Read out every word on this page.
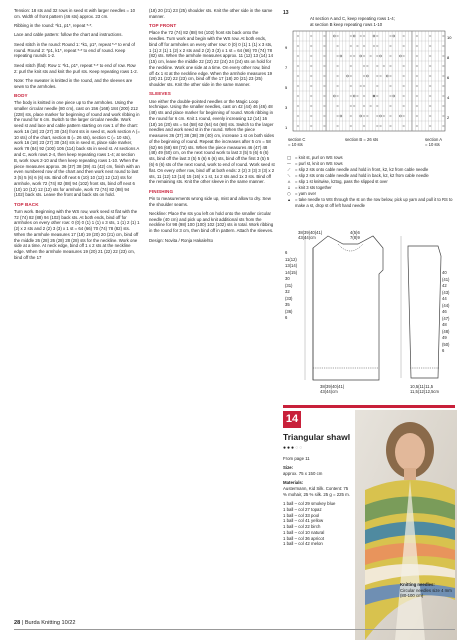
Tension: 18 sts and 32 rows in seed st with larger needles = 10 cm. Width of front pattern (46 sts) approx. 23 cm.

Ribbing in the round: *k1, p1*, repeat *-*.

Lace and cable pattern: follow the chart and instructions.

Seed stitch in the round: Round 1: *k1, p1*, repeat *-* to end of round. Round 2: *p1, k1*, repeat *-* to end of round. Keep repeating rounds 1-2.

Seed stitch (flat): Row 1: *k1, p1*, repeat *-* to end of row. Row 2: purl the knit sts and knit the purl sts. Keep repeating rows 1-2.

Note: The sweater is knitted in the round, and the sleeves are sewn to the armholes.

BODY

The body is knitted in one piece up to the armholes. Using the smaller circular needle (80 cm), cast on 156 (168) 184 (200) 212 (228) sts, place marker for beginning of round and work ribbing in the round for 6 cm. Switch to the larger circular needle. Work seed st and lace and cable pattern starting on row 1 of the chart: work 16 (18) 23 (27) 30 (34) front sts in seed st, work section A (= 10 sts) of the chart, section B (= 26 sts), section C (= 10 sts), work 16 (18) 23 (27) 30 (34) sts in seed st, place side marker, work 78 (84) 92 (100) 106 (114) back sts in seed st. At sections A and C, work rows 2-4, then keep repeating rows 1-4; at section B, work rows 2-10 and then keep repeating rows 1-10. When the piece measures approx. 36 (37) 38 (39) 41 (42) cm, finish with an even numbered row of the chart and then work next round to last 3 (5) 5 (6) 6 (6) sts. Bind off next 6 (10) 10 (12) 12 (12) sts for armhole, work 72 (74) 82 (88) 94 (102) front sts, bind off next 6 (10) 10 (12) 12 (12) sts for armhole, work 72 (74) 82 (88) 94 (102) back sts. Leave the front and back sts on hold.

TOP BACK

Turn work. Beginning with the WS row, work seed st flat with the 72 (74) 82 (88) 94 (102) back sts. At both ends, bind off for armholes on every other row: 0 (0) 0 (1) 1 (1) x 3 sts, 1 (1) 2 (1) 1 (2) x 2 sts and 2 (2) 3 (3) x 1 st = 64 (66) 70 (74) 78 (82) sts. When the armhole measures 17 (18) 19 (20) 20 (21) cm, bind off the middle 26 (28) 26 (28) 28 (28) sts for the neckline. Work one side at a time. At neck edge, bind off 1 x 2 sts at the neckline edge. When the armhole measures 19 (20) 21 (22) 22 (23) cm, bind off the 17

(18) 20 (21) 23 (25) shoulder sts. Knit the other side in the same manner.

TOP FRONT

Place the 72 (74) 82 (88) 94 (102) front sts back onto the needles. Turn work and begin with the WS row. At both ends, bind off for armholes on every other row: 0 (0) 0 (1) 1 (1) x 3 sts, 1 (1) 2 (1) 1 (2) x 2 sts and 2 (2) 3 (3) x 1 st = 64 (66) 70 (74) 78 (82) sts. When the armhole measures approx. 11 (12) 13 (14) 14 (15) cm, leave the middle 22 (22) 22 (24) 24 (24) sts on hold for the neckline. Work one side at a time. On every other row, bind off 4x 1 st at the neckline edge. When the armhole measures 19 (20) 21 (22) 22 (23) cm, bind off the 17 (18) 20 (21) 23 (25) shoulder sts. Knit the other side in the same manner.

SLEEVES

Use either the double-pointed needles or the Magic Loop technique. Using the smaller needles, cast on 42 (44) 46 (46) 48 (48) sts and place marker for beginning of round. Work ribbing in the round for 6 cm. Knit 1 round, evenly increasing 12 (14) 16 (18) 16 (20) sts = 54 (58) 62 (64) 64 (68) sts. Switch to the larger needles and work seed st in the round. When the piece measures 36 (37) 38 (38) 39 (40) cm, increase 1 st on both sides of the beginning of round. Repeat the increases after 5 cm = 58 (62) 66 (68) 68 (72) sts. When the piece measures 46 (47) 48 (48) 49 (50) cm, on the next round work to last 3 (5) 5 (6) 6 (6) sts, bind off the last 3 (5) 5 (6) 6 (6) sts, bind off the first 3 (5) 5 (6) 6 (6) sts of the next round, work to end of round. Work seed st flat. On every other row, bind off at both ends: 2 (2) 3 (3) 3 (3) x 2 sts, 11 (12) 13 (14) 15 (16) x 1 st, 1x 2 sts and 1x 3 sts. Bind off the remaining sts. Knit the other sleeve in the same manner.

FINISHING

Pin to measurements wrong side up, mist and allow to dry. Sew the shoulder seams.

Neckline: Place the sts you left on hold onto the smaller circular needle (40 cm) and pick up and knit additional sts from the neckline for 98 (98) 100 (100) 102 (102) sts in total. Work ribbing in the round for 3 cm, then bind off in pattern. Attach the sleeves.

Design: Novita / Ronja Hakalehto

13
At section A and C, keep repeating rows 1-4;
at section B keep repeating rows 1-10
9
7
5
3
1
10
8
6
4
2
section C
= 10 sts
section B = 26 sts	section A
= 10 sts
□ = knit st, purl on WS rows
— = purl st, knit on WS rows
⟋	= slip 2 sts onto cable needle and hold in front, k2, k2 from cable needle
⟍	= slip 2 sts onto cable needle and hold in back, k2, k2 from cable needle
⋏	= slip 1 st knitwise, k2tog, pass the slipped st over
↓	= knit 3 sts together
○ = yarn over
▴	= take needle to WS through the st on the row below, pick up yarn and pull it to RS to make a st, drop st off left hand needle
38(39)40(41)
43(44)cm
4(5)6
7(8)9
6
11(12)
13(14)
14(15)
30
(31)
32
(33)
35
(36)
6
38(39)40(41)
43(44)cm
40
(41)
42
(43)
44
(44)
46
(47)
48
(48)
49
(50)
6
10,5(11)11,5
11,5(12)12,5cm
14
Triangular shawl
●●●○○

From page 11

Size:

approx. 75 x 150 cm

Materials:

Austermann, Kid Silk. Content: 75 % mohair, 25 % silk. 25 g = 225 m.

1 ball – col 29 smokey blue
1 ball – col 27 topaz
1 ball – col 33 pool
1 ball – col 41 yellow
1 ball – col 22 birch
1 ball – col 10 natural
1 ball – col 36 apricot
1 ball – col 42 melon
Knitting needles:
Circular needles size 4 mm (80-100 cm)
28 | Burda Knitting 10/22
